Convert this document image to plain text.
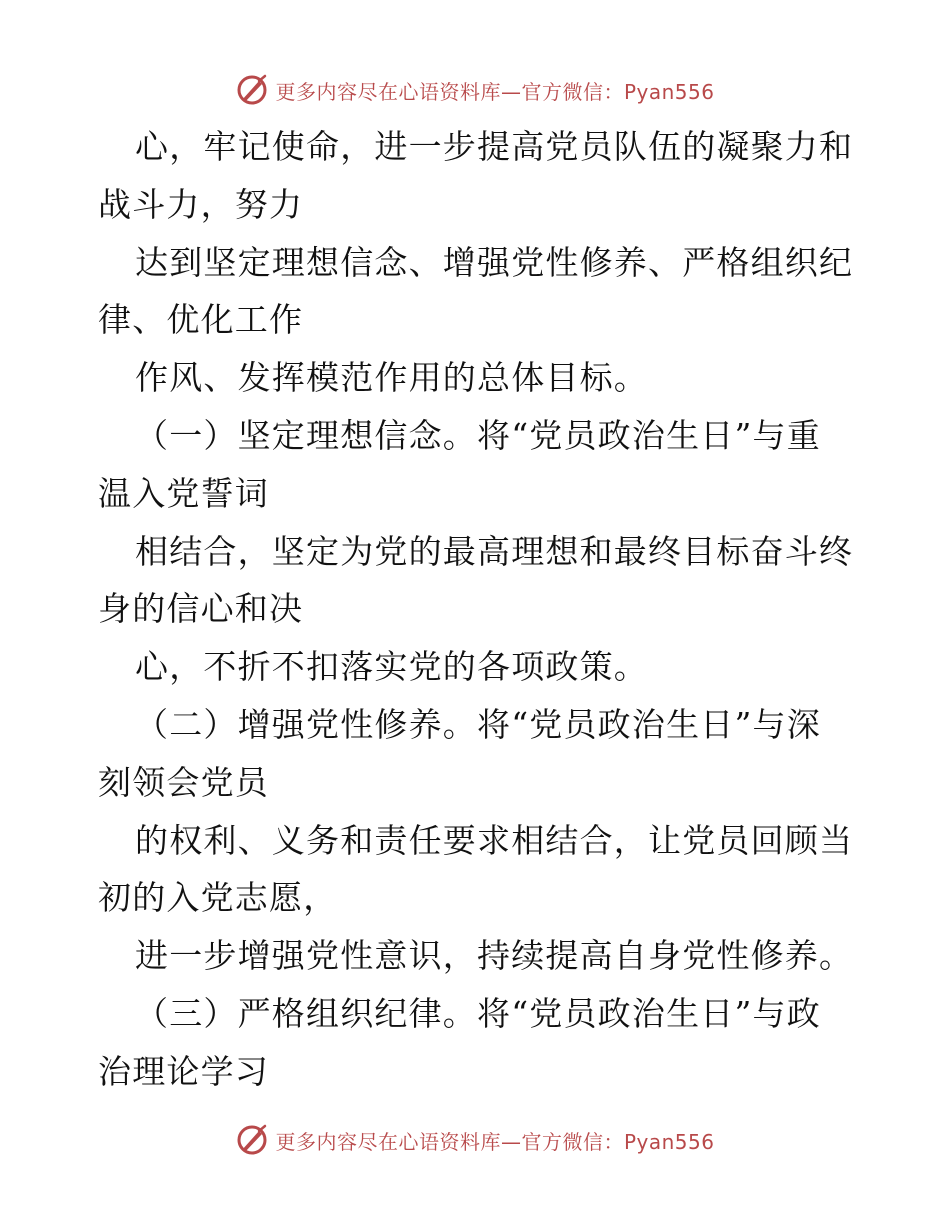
更多内容尽在心语资料库—官方微信：Pyan556
心，牢记使命，进一步提高党员队伍的凝聚力和
战斗力，努力
达到坚定理想信念、增强党性修养、严格组织纪
律、优化工作
作风、发挥模范作用的总体目标。
（一）坚定理想信念。将“党员政治生日”与重
温入党誓词
相结合，坚定为党的最高理想和最终目标奋斗终
身的信心和决
心，不折不扣落实党的各项政策。
（二）增强党性修养。将“党员政治生日”与深
刻领会党员
的权利、义务和责任要求相结合，让党员回顾当
初的入党志愿，
进一步增强党性意识，持续提高自身党性修养。
（三）严格组织纪律。将“党员政治生日”与政
治理论学习
更多内容尽在心语资料库—官方微信：Pyan556
